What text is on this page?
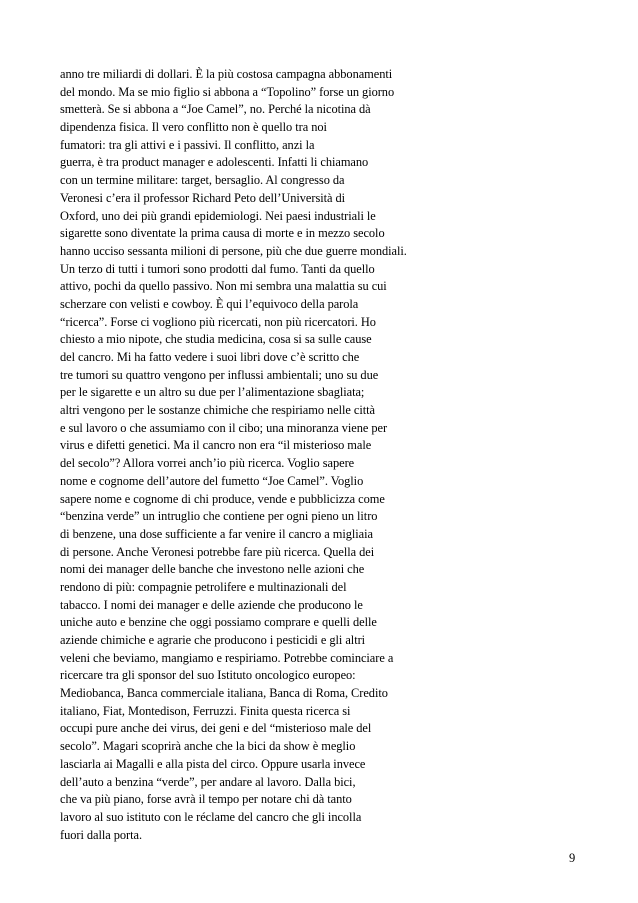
anno tre miliardi di dollari. È la più costosa campagna abbonamenti
del mondo. Ma se mio figlio si abbona a “Topolino” forse un giorno
smetterà. Se si abbona a “Joe Camel”, no. Perché la nicotina dà
dipendenza fisica. Il vero conflitto non è quello tra noi
fumatori: tra gli attivi e i passivi. Il conflitto, anzi la
guerra, è tra product manager e adolescenti. Infatti li chiamano
con un termine militare: target, bersaglio. Al congresso da
Veronesi c’era il professor Richard Peto dell’Università di
Oxford, uno dei più grandi epidemiologi. Nei paesi industriali le
sigarette sono diventate la prima causa di morte e in mezzo secolo
hanno ucciso sessanta milioni di persone, più che due guerre mondiali.
Un terzo di tutti i tumori sono prodotti dal fumo. Tanti da quello
attivo, pochi da quello passivo. Non mi sembra una malattia su cui
scherzare con velisti e cowboy. È qui l’equivoco della parola
“ricerca”. Forse ci vogliono più ricercati, non più ricercatori. Ho
chiesto a mio nipote, che studia medicina, cosa si sa sulle cause
del cancro. Mi ha fatto vedere i suoi libri dove c’è scritto che
tre tumori su quattro vengono per influssi ambientali; uno su due
per le sigarette e un altro su due per l’alimentazione sbagliata;
altri vengono per le sostanze chimiche che respiriamo nelle città
e sul lavoro o che assumiamo con il cibo; una minoranza viene per
virus e difetti genetici. Ma il cancro non era “il misterioso male
del secolo”? Allora vorrei anch’io più ricerca. Voglio sapere
nome e cognome dell’autore del fumetto “Joe Camel”. Voglio
sapere nome e cognome di chi produce, vende e pubblicizza come
“benzina verde” un intruglio che contiene per ogni pieno un litro
di benzene, una dose sufficiente a far venire il cancro a migliaia
di persone. Anche Veronesi potrebbe fare più ricerca. Quella dei
nomi dei manager delle banche che investono nelle azioni che
rendono di più: compagnie petrolifere e multinazionali del
tabacco. I nomi dei manager e delle aziende che producono le
uniche auto e benzine che oggi possiamo comprare e quelli delle
aziende chimiche e agrarie che producono i pesticidi e gli altri
veleni che beviamo, mangiamo e respiriamo. Potrebbe cominciare a
ricercare tra gli sponsor del suo Istituto oncologico europeo:
Mediobanca, Banca commerciale italiana, Banca di Roma, Credito
italiano, Fiat, Montedison, Ferruzzi. Finita questa ricerca si
occupi pure anche dei virus, dei geni e del “misterioso male del
secolo”. Magari scoprirà anche che la bici da show è meglio
lasciarla ai Magalli e alla pista del circo. Oppure usarla invece
dell’auto a benzina “verde”, per andare al lavoro. Dalla bici,
che va più piano, forse avrà il tempo per notare chi dà tanto
lavoro al suo istituto con le réclame del cancro che gli incolla
fuori dalla porta.
9
